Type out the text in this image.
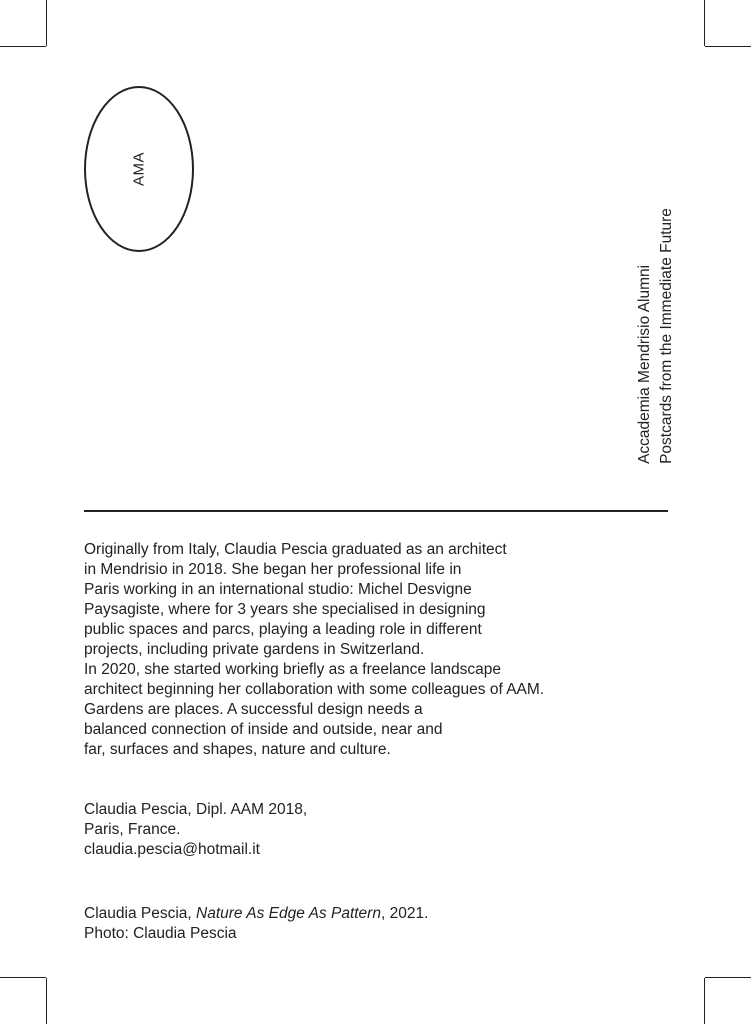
AMA
Accademia Mendrisio Alumni Postcards from the Immediate Future
Originally from Italy, Claudia Pescia graduated as an architect
in Mendrisio in 2018. She began her professional life in
Paris working in an international studio: Michel Desvigne
Paysagiste, where for 3 years she specialised in designing
public spaces and parcs, playing a leading role in different
projects, including private gardens in Switzerland.
In 2020, she started working briefly as a freelance landscape
architect beginning her collaboration with some colleagues of AAM.
Gardens are places. A successful design needs a
balanced connection of inside and outside, near and
far, surfaces and shapes, nature and culture.
Claudia Pescia, Dipl. AAM 2018,
Paris, France.
claudia.pescia@hotmail.it
Claudia Pescia, Nature As Edge As Pattern, 2021.
Photo: Claudia Pescia
